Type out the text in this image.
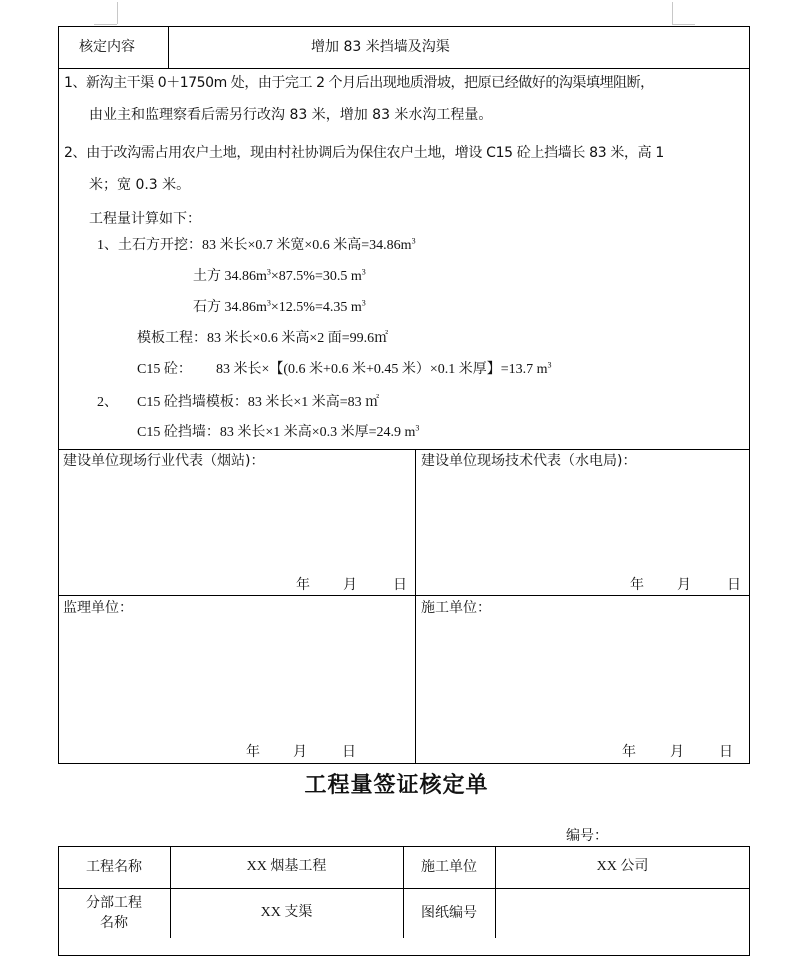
核定内容	增加 83 米挡墙及沟渠
1、新沟主干渠 0＋1750m 处，由于完工 2 个月后出现地质滑坡，把原已经做好的沟渠填埋阻断，
由业主和监理察看后需另行改沟 83 米，增加 83 米水沟工程量。
2、由于改沟需占用农户土地，现由村社协调后为保住农户土地，增设 C15 砼上挡墙长 83 米，高 1
米；宽 0.3 米。
工程量计算如下：
1、土石方开挖：83 米长×0.7 米宽×0.6 米高$=34.86m^3$
土方 $34.86m^3\times 87.5\%=30.5$ $m^3$
石方 $34.86m^3\times 12.5\%=4.35$ $m^3$
模板工程：83 米长×0.6 米高×2 面=99.6㎡
C15 砼： 83 米长×【(0.6 米+0.6 米+0.45 米）×0.1 米厚】=13.7 $m^3$
2、 C15 砼挡墙模板：83 米长×1 米高=83 ㎡
C15 砼挡墙：83 米长×1 米高×0.3 米厚=24.9 $m^3$
建设单位现场行业代表（烟站)：	建设单位现场技术代表（水电局)：
年 月	日	年 月	日
监理单位：	施工单位：
年 月	日	年 月	日
工程量签证核定单
编号：
工程名称	XX 烟基工程	施工单位	XX 公司
分部工程
名称
XX 支渠	图纸编号
